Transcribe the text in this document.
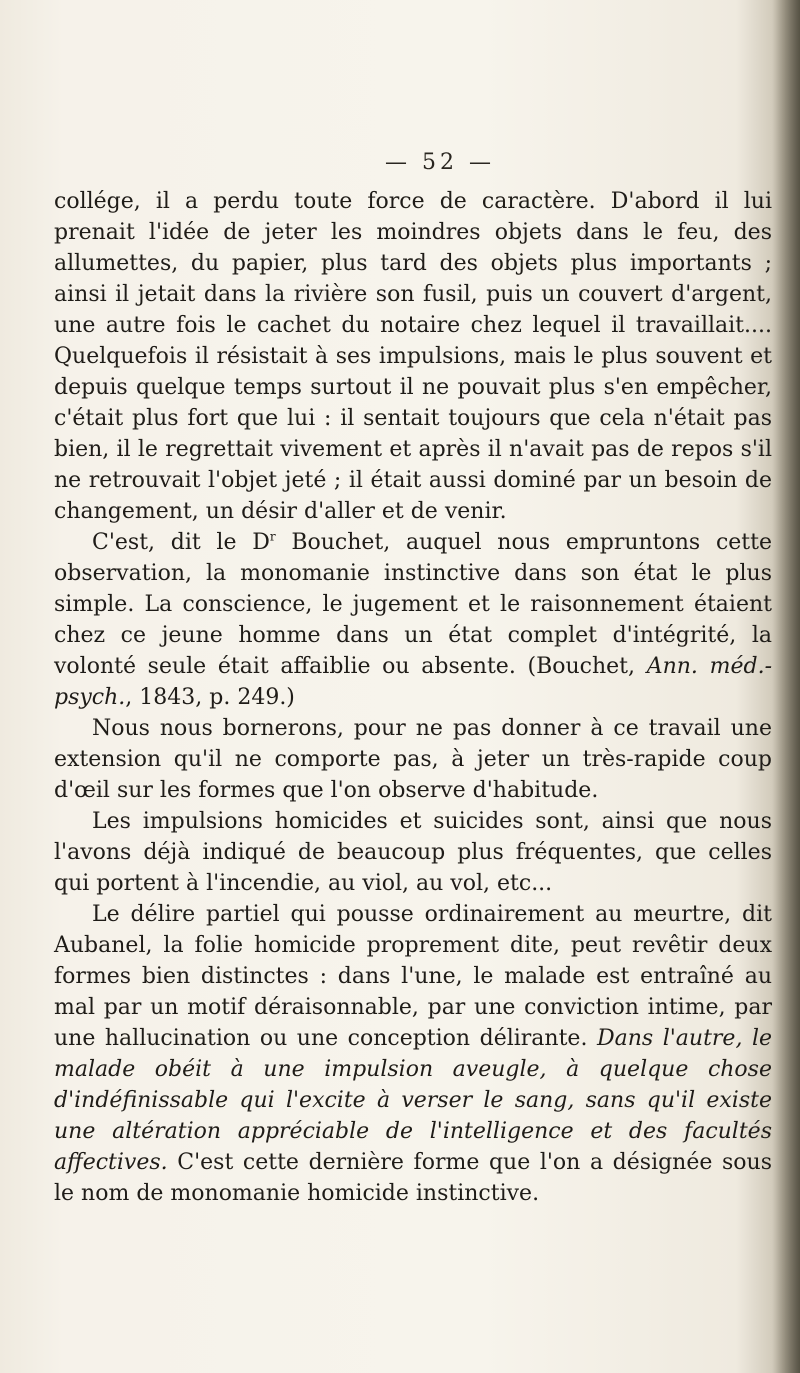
— 52 —

collége, il a perdu toute force de caractère. D'abord il lui prenait l'idée de jeter les moindres objets dans le feu, des allumettes, du papier, plus tard des objets plus importants ; ainsi il jetait dans la rivière son fusil, puis un couvert d'argent, une autre fois le cachet du notaire chez lequel il travaillait.... Quelquefois il résistait à ses impulsions, mais le plus souvent et depuis quelque temps surtout il ne pouvait plus s'en empêcher, c'était plus fort que lui : il sentait toujours que cela n'était pas bien, il le regrettait vivement et après il n'avait pas de repos s'il ne retrouvait l'objet jeté ; il était aussi dominé par un besoin de changement, un désir d'aller et de venir.

C'est, dit le $D^r$ Bouchet, auquel nous empruntons cette observation, la monomanie instinctive dans son état le plus simple. La conscience, le jugement et le raisonnement étaient chez ce jeune homme dans un état complet d'intégrité, la volonté seule était affaiblie ou absente. (Bouchet, Ann. méd.-psych., 1843, p. 249.)

Nous nous bornerons, pour ne pas donner à ce travail une extension qu'il ne comporte pas, à jeter un très-rapide coup d'œil sur les formes que l'on observe d'habitude.

Les impulsions homicides et suicides sont, ainsi que nous l'avons déjà indiqué de beaucoup plus fréquentes, que celles qui portent à l'incendie, au viol, au vol, etc...

Le délire partiel qui pousse ordinairement au meurtre, dit Aubanel, la folie homicide proprement dite, peut revêtir deux formes bien distinctes : dans l'une, le malade est entraîné au mal par un motif déraisonnable, par une conviction intime, par une hallucination ou une conception délirante. Dans l'autre, le malade obéit à une impulsion aveugle, à quelque chose d'indéfinissable qui l'excite à verser le sang, sans qu'il existe une altération appréciable de l'intelligence et des facultés affectives. C'est cette dernière forme que l'on a désignée sous le nom de monomanie homicide instinctive.
